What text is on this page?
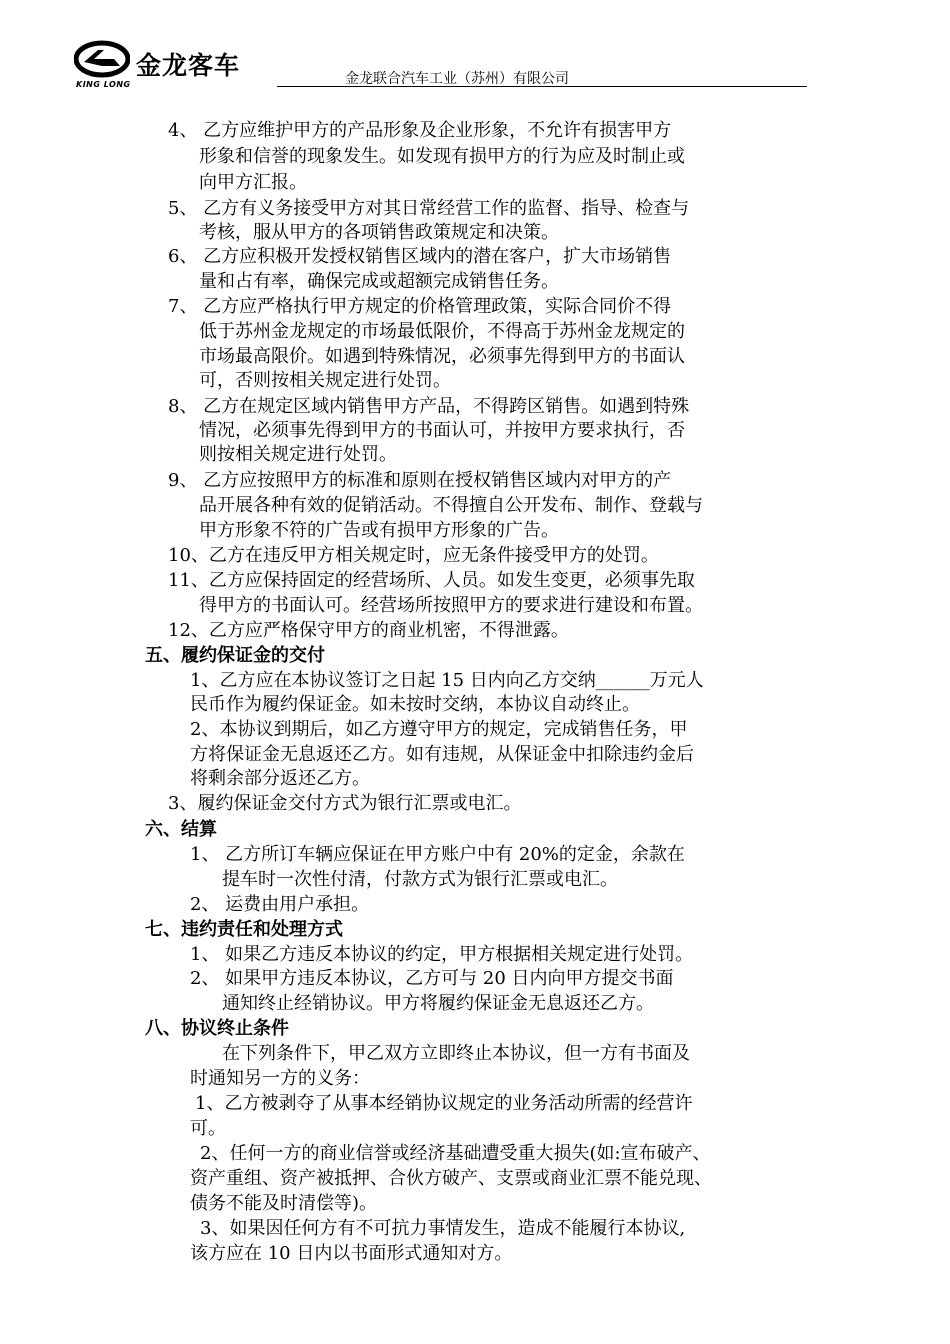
金龙客车
KING LONG	金龙联合汽车工业（苏州）有限公司
4、 乙方应维护甲方的产品形象及企业形象，不允许有损害甲方
形象和信誉的现象发生。如发现有损甲方的行为应及时制止或
向甲方汇报。
5、 乙方有义务接受甲方对其日常经营工作的监督、指导、检查与
考核，服从甲方的各项销售政策规定和决策。
6、 乙方应积极开发授权销售区域内的潜在客户，扩大市场销售
量和占有率，确保完成或超额完成销售任务。
7、 乙方应严格执行甲方规定的价格管理政策，实际合同价不得
低于苏州金龙规定的市场最低限价，不得高于苏州金龙规定的
市场最高限价。如遇到特殊情况，必须事先得到甲方的书面认
可，否则按相关规定进行处罚。
8、 乙方在规定区域内销售甲方产品，不得跨区销售。如遇到特殊
情况，必须事先得到甲方的书面认可，并按甲方要求执行，否
则按相关规定进行处罚。
9、 乙方应按照甲方的标准和原则在授权销售区域内对甲方的产
品开展各种有效的促销活动。不得擅自公开发布、制作、登载与
甲方形象不符的广告或有损甲方形象的广告。
10、乙方在违反甲方相关规定时，应无条件接受甲方的处罚。
11、乙方应保持固定的经营场所、人员。如发生变更，必须事先取
得甲方的书面认可。经营场所按照甲方的要求进行建设和布置。
12、乙方应严格保守甲方的商业机密，不得泄露。
五、履约保证金的交付
1、乙方应在本协议签订之日起 15 日内向乙方交纳______万元人
民币作为履约保证金。如未按时交纳，本协议自动终止。
2、本协议到期后，如乙方遵守甲方的规定，完成销售任务，甲
方将保证金无息返还乙方。如有违规，从保证金中扣除违约金后
将剩余部分返还乙方。
3、履约保证金交付方式为银行汇票或电汇。
六、结算
1、 乙方所订车辆应保证在甲方账户中有 20%的定金，余款在
提车时一次性付清，付款方式为银行汇票或电汇。
2、 运费由用户承担。
七、违约责任和处理方式
1、 如果乙方违反本协议的约定，甲方根据相关规定进行处罚。
2、 如果甲方违反本协议，乙方可与 20 日内向甲方提交书面
通知终止经销协议。甲方将履约保证金无息返还乙方。
八、协议终止条件
在下列条件下，甲乙双方立即终止本协议，但一方有书面及
时通知另一方的义务：
1、乙方被剥夺了从事本经销协议规定的业务活动所需的经营许
可。
2、任何一方的商业信誉或经济基础遭受重大损失(如:宣布破产、
资产重组、资产被抵押、合伙方破产、支票或商业汇票不能兑现、
债务不能及时清偿等)。
3、如果因任何方有不可抗力事情发生，造成不能履行本协议,
该方应在 10 日内以书面形式通知对方。
